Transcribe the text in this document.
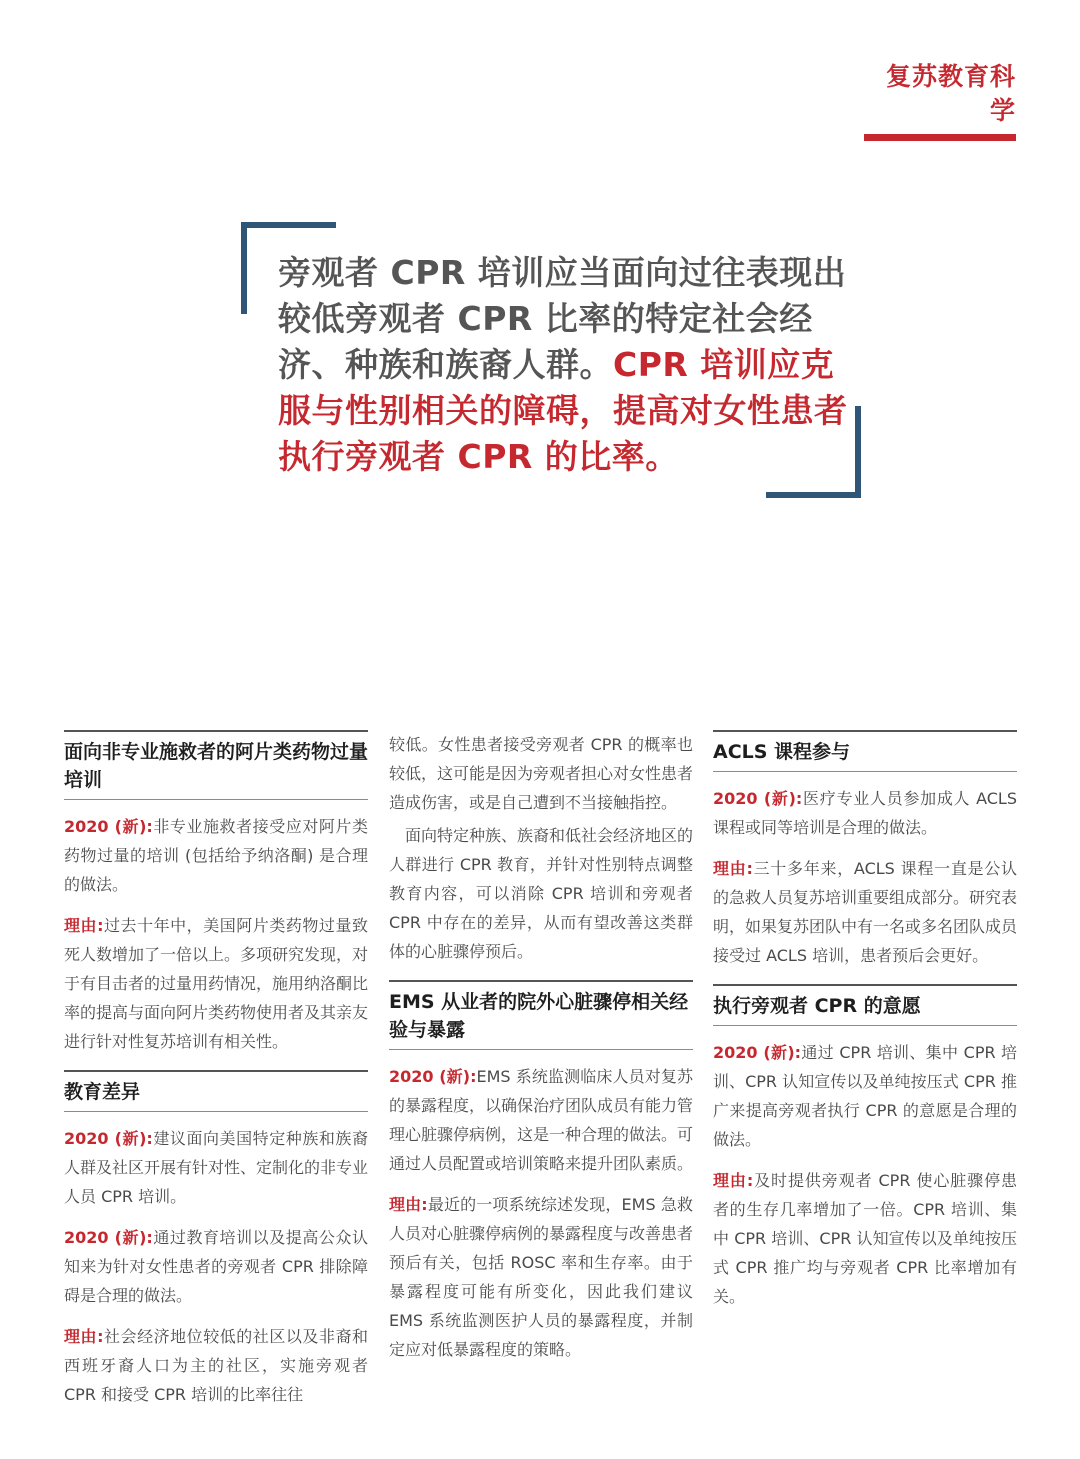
复苏教育科学
旁观者 CPR 培训应当面向过往表现出较低旁观者 CPR 比率的特定社会经济、种族和族裔人群。CPR 培训应克服与性别相关的障碍，提高对女性患者执行旁观者 CPR 的比率。
面向非专业施救者的阿片类药物过量培训

2020 (新):非专业施救者接受应对阿片类药物过量的培训 (包括给予纳洛酮) 是合理的做法。

理由:过去十年中，美国阿片类药物过量致死人数增加了一倍以上。多项研究发现，对于有目击者的过量用药情况，施用纳洛酮比率的提高与面向阿片类药物使用者及其亲友进行针对性复苏培训有相关性。

教育差异

2020 (新):建议面向美国特定种族和族裔人群及社区开展有针对性、定制化的非专业人员 CPR 培训。

2020 (新):通过教育培训以及提高公众认知来为针对女性患者的旁观者 CPR 排除障碍是合理的做法。

理由:社会经济地位较低的社区以及非裔和西班牙裔人口为主的社区，实施旁观者 CPR 和接受 CPR 培训的比率往往

较低。女性患者接受旁观者 CPR 的概率也较低，这可能是因为旁观者担心对女性患者造成伤害，或是自己遭到不当接触指控。

面向特定种族、族裔和低社会经济地区的人群进行 CPR 教育，并针对性别特点调整教育内容，可以消除 CPR 培训和旁观者 CPR 中存在的差异，从而有望改善这类群体的心脏骤停预后。

EMS 从业者的院外心脏骤停相关经验与暴露

2020 (新):EMS 系统监测临床人员对复苏的暴露程度，以确保治疗团队成员有能力管理心脏骤停病例，这是一种合理的做法。可通过人员配置或培训策略来提升团队素质。

理由:最近的一项系统综述发现，EMS 急救人员对心脏骤停病例的暴露程度与改善患者预后有关，包括 ROSC 率和生存率。由于暴露程度可能有所变化，因此我们建议 EMS 系统监测医护人员的暴露程度，并制定应对低暴露程度的策略。

ACLS 课程参与

2020 (新):医疗专业人员参加成人 ACLS 课程或同等培训是合理的做法。

理由:三十多年来，ACLS 课程一直是公认的急救人员复苏培训重要组成部分。研究表明，如果复苏团队中有一名或多名团队成员接受过 ACLS 培训，患者预后会更好。

执行旁观者 CPR 的意愿

2020 (新):通过 CPR 培训、集中 CPR 培训、CPR 认知宣传以及单纯按压式 CPR 推广来提高旁观者执行 CPR 的意愿是合理的做法。

理由:及时提供旁观者 CPR 使心脏骤停患者的生存几率增加了一倍。CPR 培训、集中 CPR 培训、CPR 认知宣传以及单纯按压式 CPR 推广均与旁观者 CPR 比率增加有关。
